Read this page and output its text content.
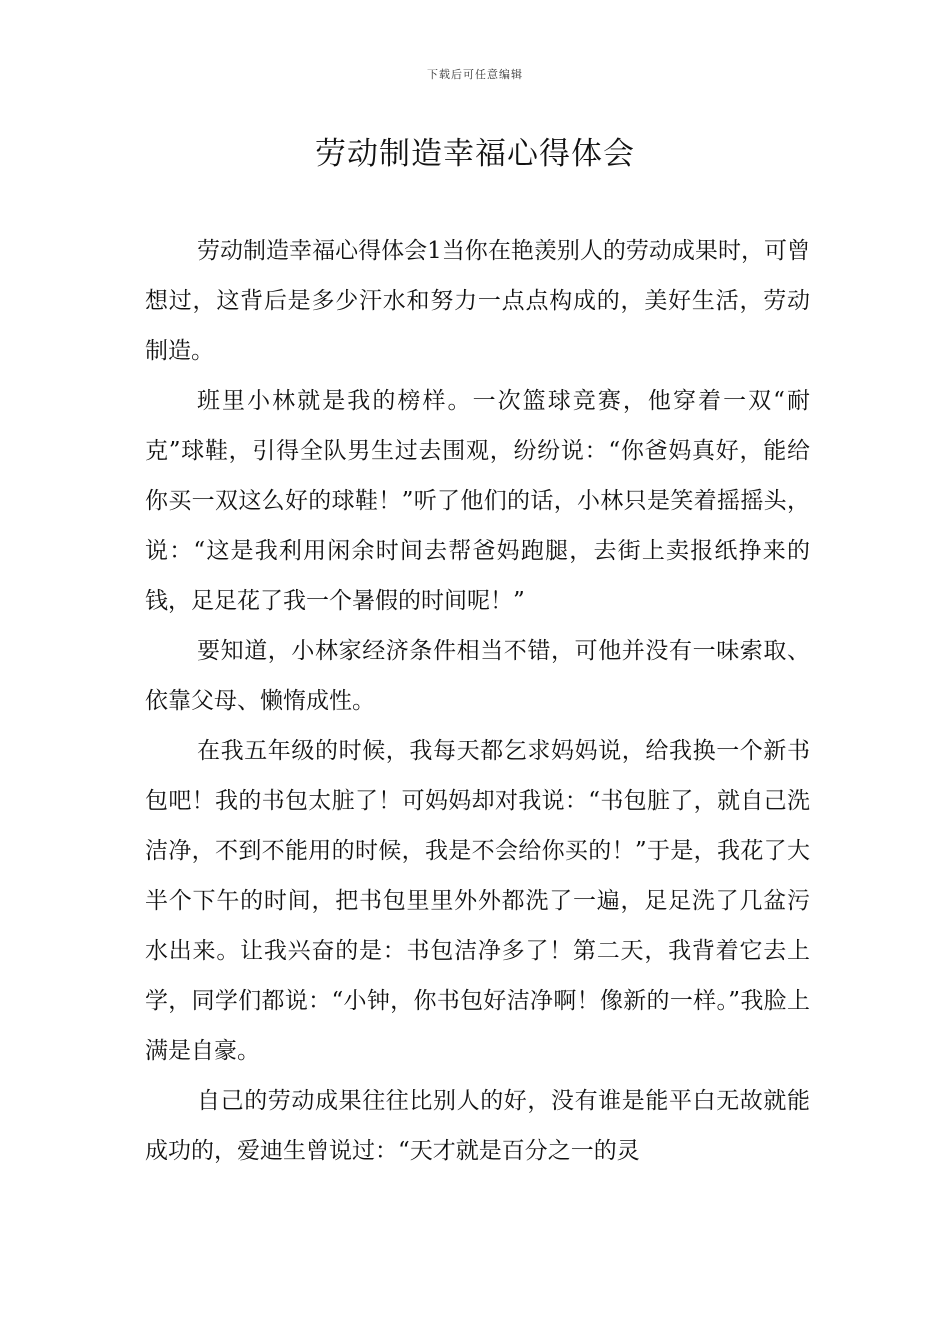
下载后可任意编辑
劳动制造幸福心得体会

劳动制造幸福心得体会1当你在艳羡别人的劳动成果时，可曾想过，这背后是多少汗水和努力一点点构成的，美好生活，劳动制造。

班里小林就是我的榜样。一次篮球竞赛，他穿着一双“耐克”球鞋，引得全队男生过去围观，纷纷说：“你爸妈真好，能给你买一双这么好的球鞋！”听了他们的话，小林只是笑着摇摇头，说：“这是我利用闲余时间去帮爸妈跑腿，去街上卖报纸挣来的钱，足足花了我一个暑假的时间呢！”

要知道，小林家经济条件相当不错，可他并没有一味索取、依靠父母、懒惰成性。

在我五年级的时候，我每天都乞求妈妈说，给我换一个新书包吧！我的书包太脏了！可妈妈却对我说：“书包脏了，就自己洗洁净，不到不能用的时候，我是不会给你买的！”于是，我花了大半个下午的时间，把书包里里外外都洗了一遍，足足洗了几盆污水出来。让我兴奋的是：书包洁净多了！第二天，我背着它去上学，同学们都说：“小钟，你书包好洁净啊！像新的一样。”我脸上满是自豪。

自己的劳动成果往往比别人的好，没有谁是能平白无故就能成功的，爱迪生曾说过：“天才就是百分之一的灵
